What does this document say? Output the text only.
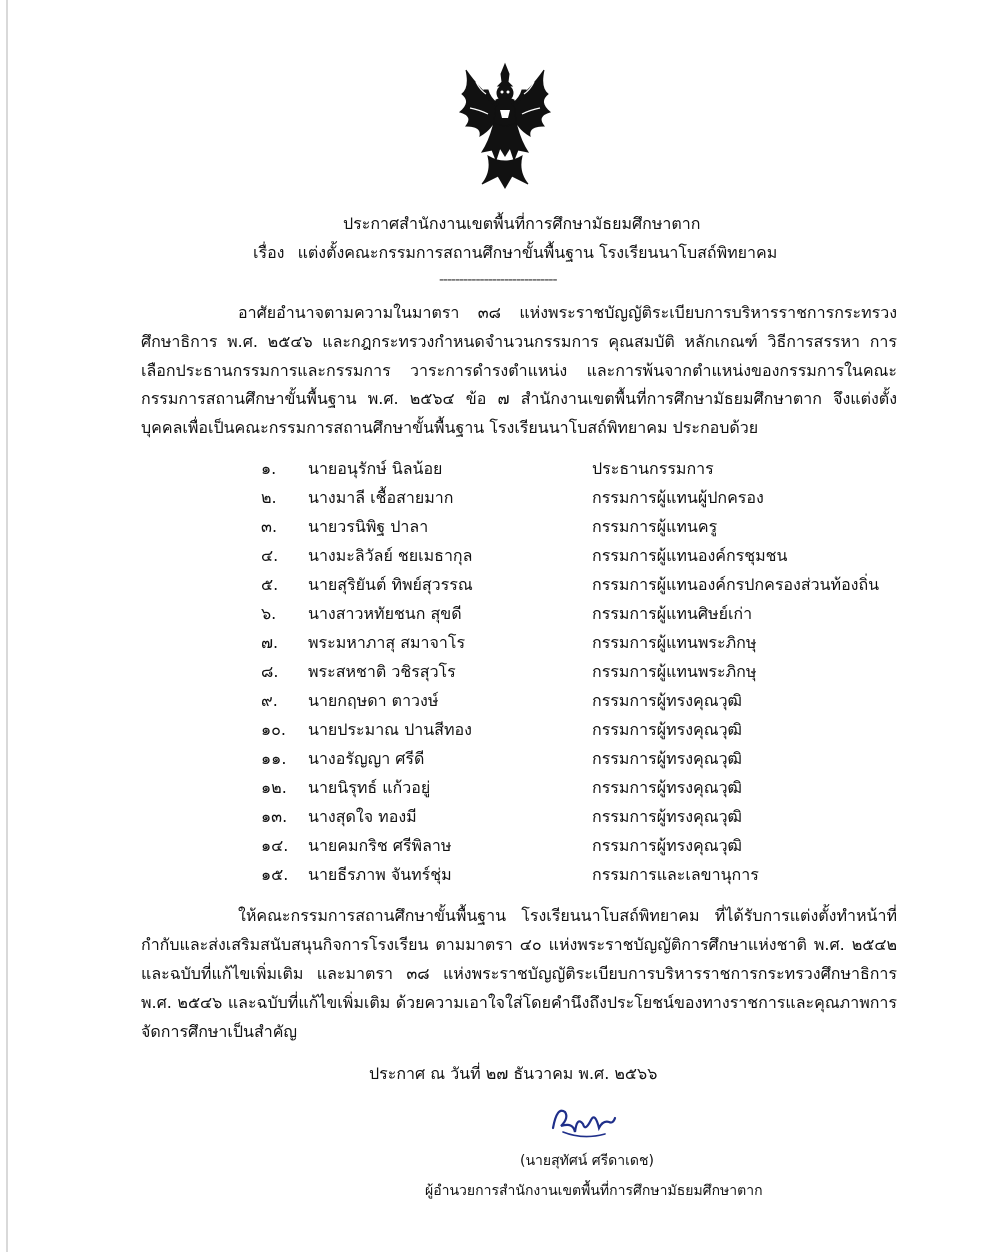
ประกาศสำนักงานเขตพื้นที่การศึกษามัธยมศึกษาตาก
เรื่อง แต่งตั้งคณะกรรมการสถานศึกษาขั้นพื้นฐาน โรงเรียนนาโบสถ์พิทยาคม
-----------------------------
อาศัยอำนาจตามความในมาตรา ๓๘ แห่งพระราชบัญญัติระเบียบการบริหารราชการกระทรวงศึกษาธิการ พ.ศ. ๒๕๔๖ และกฎกระทรวงกำหนดจำนวนกรรมการ คุณสมบัติ หลักเกณฑ์ วิธีการสรรหา การเลือกประธานกรรมการและกรรมการ วาระการดำรงตำแหน่ง และการพ้นจากตำแหน่งของกรรมการในคณะกรรมการสถานศึกษาขั้นพื้นฐาน พ.ศ. ๒๕๖๔ ข้อ ๗ สำนักงานเขตพื้นที่การศึกษามัธยมศึกษาตาก จึงแต่งตั้งบุคคลเพื่อเป็นคณะกรรมการสถานศึกษาขั้นพื้นฐาน โรงเรียนนาโบสถ์พิทยาคม ประกอบด้วย
๑. นายอนุรักษ์ นิลน้อย	ประธานกรรมการ
๒. นางมาลี เชื้อสายมาก	กรรมการผู้แทนผู้ปกครอง
๓. นายวรนิพิฐ ปาลา	กรรมการผู้แทนครู
๔. นางมะลิวัลย์ ชยเมธากุล	กรรมการผู้แทนองค์กรชุมชน
๕. นายสุริยันต์ ทิพย์สุวรรณ	กรรมการผู้แทนองค์กรปกครองส่วนท้องถิ่น
๖. นางสาวหทัยชนก สุขดี	กรรมการผู้แทนศิษย์เก่า
๗. พระมหาภาสุ สมาจาโร	กรรมการผู้แทนพระภิกษุ
๘. พระสหชาติ วชิรสุวโร	กรรมการผู้แทนพระภิกษุ
๙. นายกฤษดา ตาวงษ์	กรรมการผู้ทรงคุณวุฒิ
๑๐. นายประมาณ ปานสีทอง	กรรมการผู้ทรงคุณวุฒิ
๑๑. นางอรัญญา ศรีดี	กรรมการผู้ทรงคุณวุฒิ
๑๒. นายนิรุทธ์ แก้วอยู่	กรรมการผู้ทรงคุณวุฒิ
๑๓. นางสุดใจ ทองมี	กรรมการผู้ทรงคุณวุฒิ
๑๔. นายคมกริช ศรีพิลาษ	กรรมการผู้ทรงคุณวุฒิ
๑๕. นายธีรภาพ จันทร์ชุ่ม	กรรมการและเลขานุการ
ให้คณะกรรมการสถานศึกษาขั้นพื้นฐาน โรงเรียนนาโบสถ์พิทยาคม ที่ได้รับการแต่งตั้งทำหน้าที่กำกับและส่งเสริมสนับสนุนกิจการโรงเรียน ตามมาตรา ๔๐ แห่งพระราชบัญญัติการศึกษาแห่งชาติ พ.ศ. ๒๕๔๒ และฉบับที่แก้ไขเพิ่มเติม และมาตรา ๓๘ แห่งพระราชบัญญัติระเบียบการบริหารราชการกระทรวงศึกษาธิการ พ.ศ. ๒๕๔๖ และฉบับที่แก้ไขเพิ่มเติม ด้วยความเอาใจใส่โดยคำนึงถึงประโยชน์ของทางราชการและคุณภาพการจัดการศึกษาเป็นสำคัญ
ประกาศ ณ วันที่ ๒๗ ธันวาคม พ.ศ. ๒๕๖๖
(นายสุทัศน์ ศรีดาเดช)
ผู้อำนวยการสำนักงานเขตพื้นที่การศึกษามัธยมศึกษาตาก
